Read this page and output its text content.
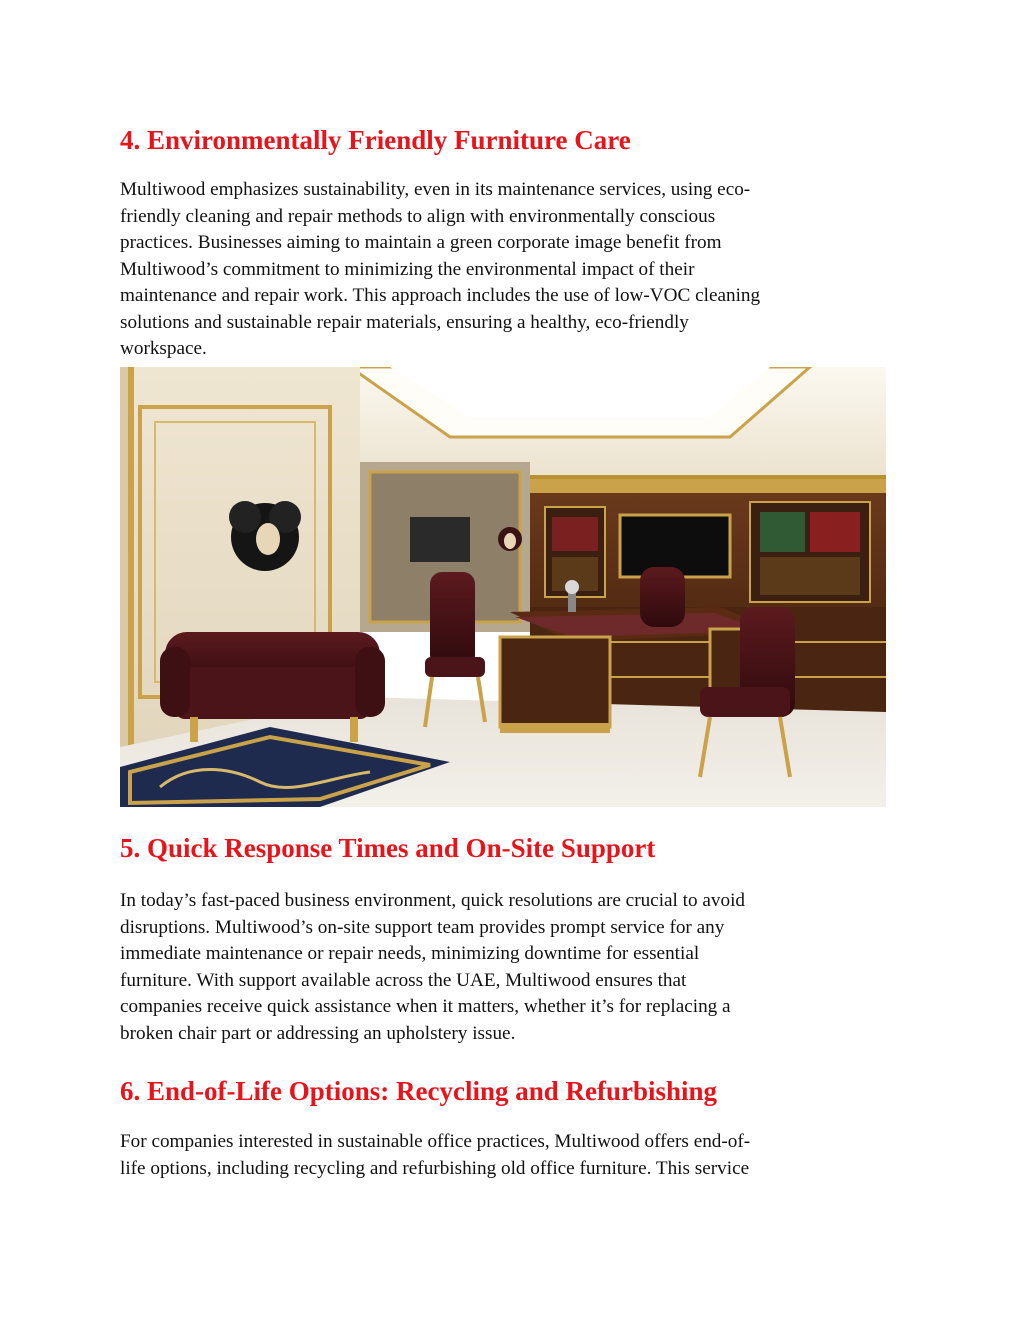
4. Environmentally Friendly Furniture Care
Multiwood emphasizes sustainability, even in its maintenance services, using eco-
friendly cleaning and repair methods to align with environmentally conscious
practices. Businesses aiming to maintain a green corporate image benefit from
Multiwood’s commitment to minimizing the environmental impact of their
maintenance and repair work. This approach includes the use of low-VOC cleaning
solutions and sustainable repair materials, ensuring a healthy, eco-friendly
workspace.
5. Quick Response Times and On-Site Support
In today’s fast-paced business environment, quick resolutions are crucial to avoid
disruptions. Multiwood’s on-site support team provides prompt service for any
immediate maintenance or repair needs, minimizing downtime for essential
furniture. With support available across the UAE, Multiwood ensures that
companies receive quick assistance when it matters, whether it’s for replacing a
broken chair part or addressing an upholstery issue.
6. End-of-Life Options: Recycling and Refurbishing
For companies interested in sustainable office practices, Multiwood offers end-of-
life options, including recycling and refurbishing old office furniture. This service
